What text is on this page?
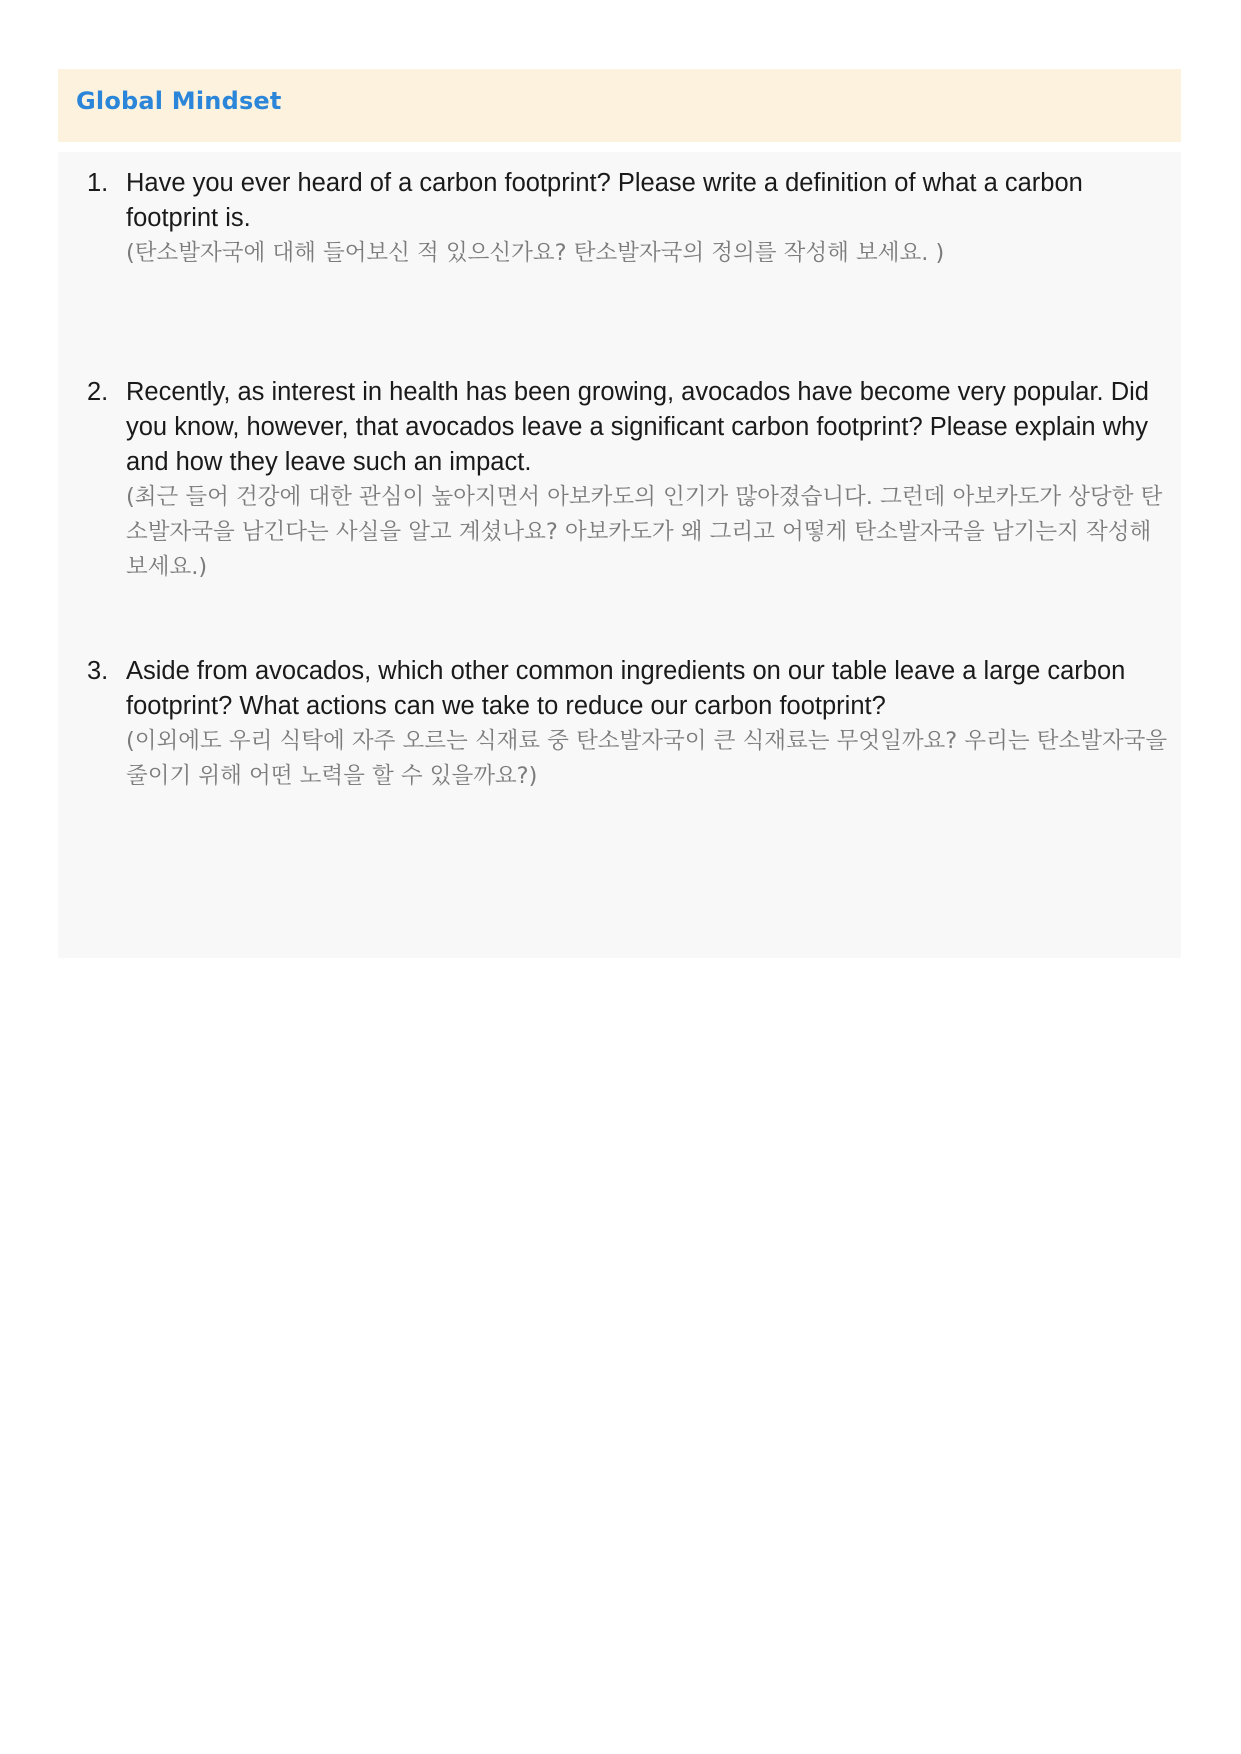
Global Mindset
1. Have you ever heard of a carbon footprint? Please write a definition of what a carbon footprint is.

(탄소발자국에 대해 들어보신 적 있으신가요? 탄소발자국의 정의를 작성해 보세요. )

2. Recently, as interest in health has been growing, avocados have become very popular. Did you know, however, that avocados leave a significant carbon footprint? Please explain why and how they leave such an impact.

(최근 들어 건강에 대한 관심이 높아지면서 아보카도의 인기가 많아졌습니다. 그런데 아보카도가 상당한 탄소발자국을 남긴다는 사실을 알고 계셨나요? 아보카도가 왜 그리고 어떻게 탄소발자국을 남기는지 작성해 보세요.)

3. Aside from avocados, which other common ingredients on our table leave a large carbon footprint? What actions can we take to reduce our carbon footprint?

(이외에도 우리 식탁에 자주 오르는 식재료 중 탄소발자국이 큰 식재료는 무엇일까요? 우리는 탄소발자국을 줄이기 위해 어떤 노력을 할 수 있을까요?)
